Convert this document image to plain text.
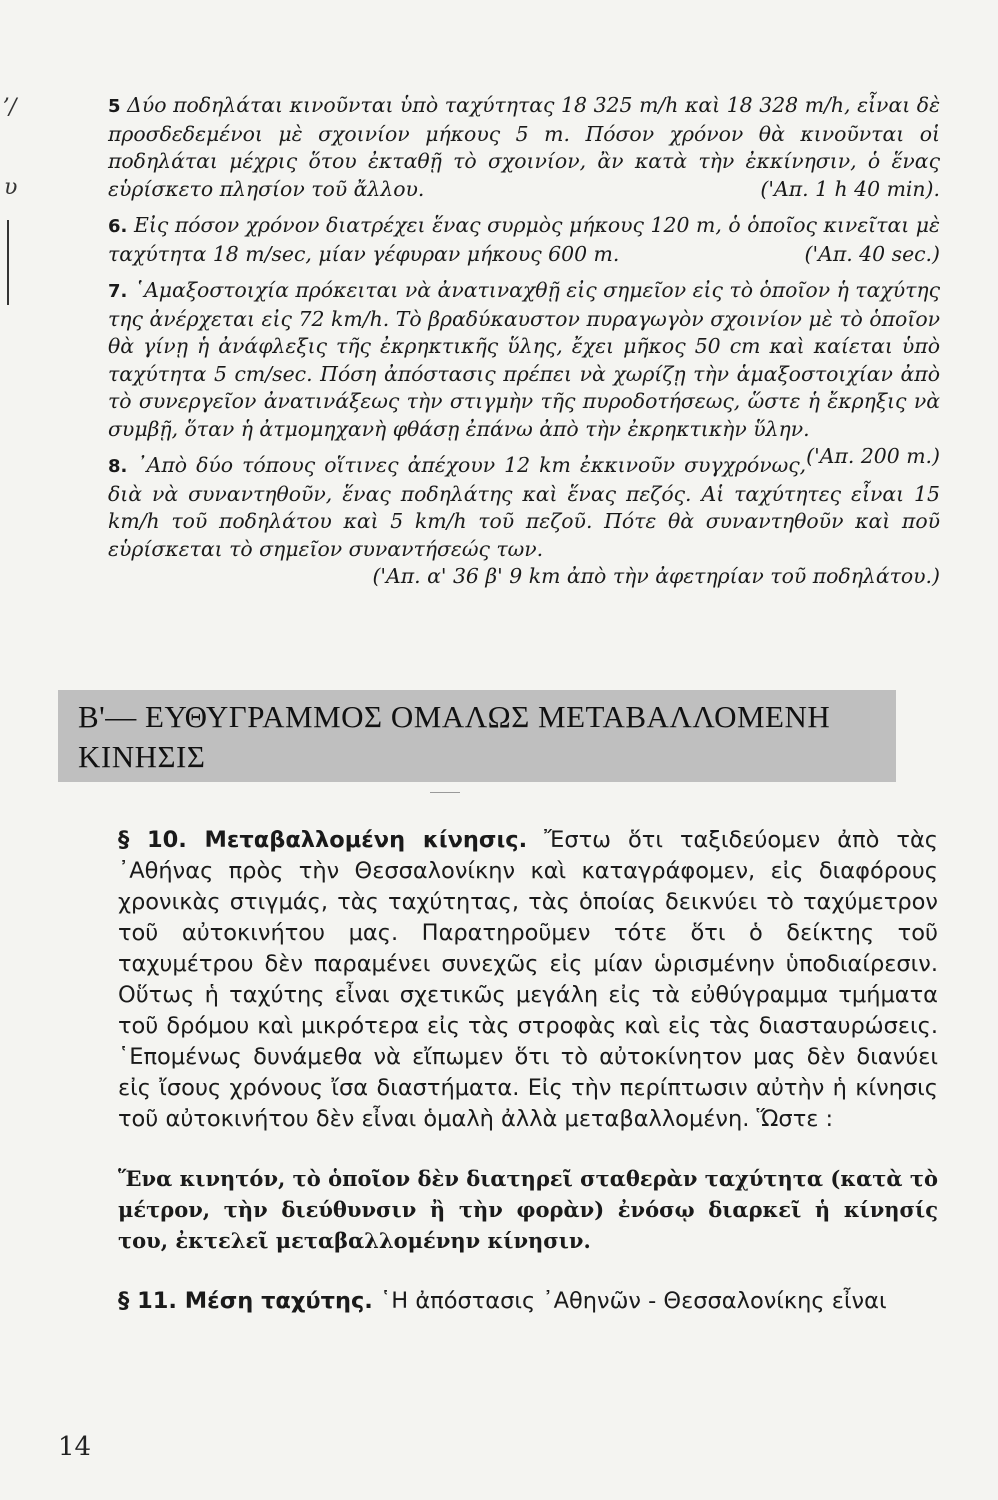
ʼ/
υ

5 Δύο ποδηλάται κινοῦνται ὑπὸ ταχύτητας 18 325 m/h καὶ 18 328 m/h, εἶναι δὲ προσδεδεμένοι μὲ σχοινίον μήκους 5 m. Πόσον χρόνον θὰ κινοῦνται οἱ ποδηλάται μέχρις ὅτου ἐκταθῇ τὸ σχοινίον, ἂν κατὰ τὴν ἐκκίνησιν, ὁ ἕνας εὑρίσκετο πλησίον τοῦ ἄλλου.	('Απ. 1 h 40 min).

6. Εἰς πόσον χρόνον διατρέχει ἕνας συρμὸς μήκους 120 m, ὁ ὁποῖος κινεῖται μὲ ταχύτητα 18 m/sec, μίαν γέφυραν μήκους 600 m.	('Απ. 40 sec.)

7. ῾Αμαξοστοιχία πρόκειται νὰ ἀνατιναχθῇ εἰς σημεῖον εἰς τὸ ὁποῖον ἡ ταχύτης της ἀνέρχεται εἰς 72 km/h. Τὸ βραδύκαυστον πυραγωγὸν σχοινίον μὲ τὸ ὁποῖον θὰ γίνῃ ἡ ἀνάφλεξις τῆς ἐκρηκτικῆς ὕλης, ἔχει μῆκος 50 cm καὶ καίεται ὑπὸ ταχύτητα 5 cm/sec. Πόση ἀπόστασις πρέπει νὰ χωρίζῃ τὴν ἁμαξοστοιχίαν ἀπὸ τὸ συνεργεῖον ἀνατινάξεως τὴν στιγμὴν τῆς πυροδοτήσεως, ὥστε ἡ ἔκρηξις νὰ συμβῇ, ὅταν ἡ ἀτμομηχανὴ φθάσῃ ἐπάνω ἀπὸ τὴν ἐκρηκτικὴν ὕλην.
('Απ. 200 m.)

8. ᾿Απὸ δύο τόπους οἵτινες ἀπέχουν 12 km ἐκκινοῦν συγχρόνως, διὰ νὰ συναντηθοῦν, ἕνας ποδηλάτης καὶ ἕνας πεζός. Αἱ ταχύτητες εἶναι 15 km/h τοῦ ποδηλάτου καὶ 5 km/h τοῦ πεζοῦ. Πότε θὰ συναντηθοῦν καὶ ποῦ εὑρίσκεται τὸ σημεῖον συναντήσεώς των.
('Απ. α' 36 β' 9 km ἀπὸ τὴν ἀφετηρίαν τοῦ ποδηλάτου.)

Β'— ΕΥΘΥΓΡΑΜΜΟΣ ΟΜΑΛΩΣ ΜΕΤΑΒΑΛΛΟΜΕΝΗ
ΚΙΝΗΣΙΣ

§ 10. Μεταβαλλομένη κίνησις. Ἔστω ὅτι ταξιδεύομεν ἀπὸ τὰς ᾿Αθήνας πρὸς τὴν Θεσσαλονίκην καὶ καταγράφομεν, εἰς διαφόρους χρονικὰς στιγμάς, τὰς ταχύτητας, τὰς ὁποίας δεικνύει τὸ ταχύμετρον τοῦ αὐτοκινήτου μας. Παρατηροῦμεν τότε ὅτι ὁ δείκτης τοῦ ταχυμέτρου δὲν παραμένει συνεχῶς εἰς μίαν ὡρισμένην ὑποδιαίρεσιν. Οὕτως ἡ ταχύτης εἶναι σχετικῶς μεγάλη εἰς τὰ εὐθύγραμμα τμήματα τοῦ δρόμου καὶ μικρότερα εἰς τὰς στροφὰς καὶ εἰς τὰς διασταυρώσεις. ῾Επομένως δυνάμεθα νὰ εἴπωμεν ὅτι τὸ αὐτοκίνητον μας δὲν διανύει εἰς ἴσους χρόνους ἴσα διαστήματα. Εἰς τὴν περίπτωσιν αὐτὴν ἡ κίνησις τοῦ αὐτοκινήτου δὲν εἶναι ὁμαλὴ ἀλλὰ μεταβαλλομένη. Ὥστε :

Ἕνα κινητόν, τὸ ὁποῖον δὲν διατηρεῖ σταθερὰν ταχύτητα (κατὰ τὸ μέτρον, τὴν διεύθυνσιν ἢ τὴν φορὰν) ἐνόσῳ διαρκεῖ ἡ κίνησίς του, ἐκτελεῖ μεταβαλλομένην κίνησιν.

§ 11. Μέση ταχύτης. ῾Η ἀπόστασις ᾿Αθηνῶν - Θεσσαλονίκης εἶναι

14
